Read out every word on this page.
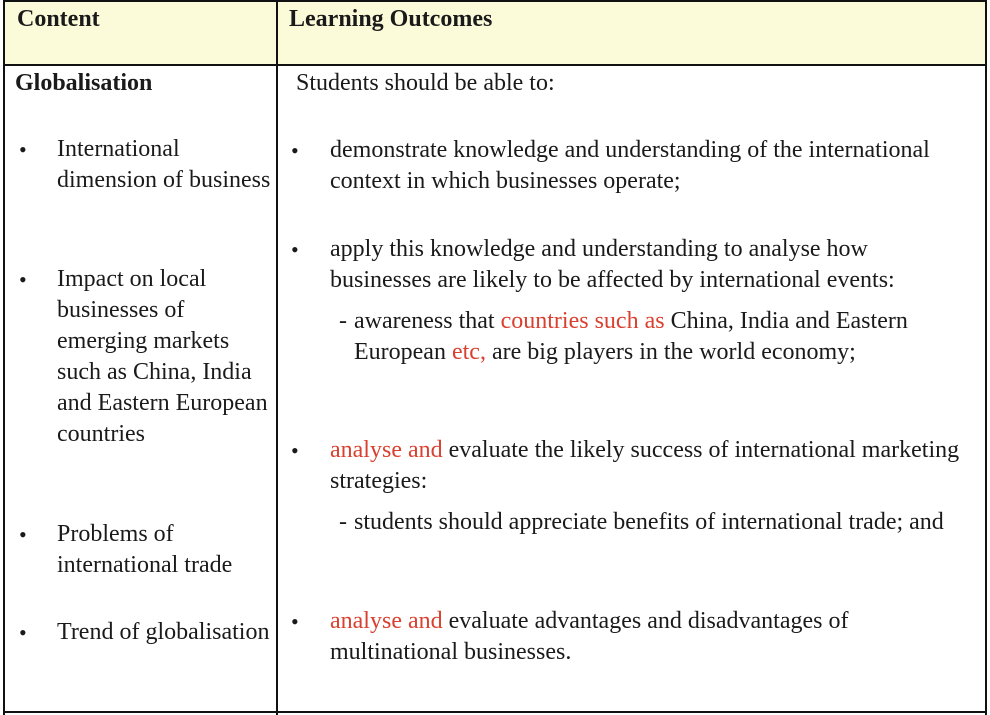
Content	Learning Outcomes
Globalisation
• International dimension of business
• Impact on local businesses of emerging markets such as China, India and Eastern European countries
• Problems of international trade
• Trend of globalisation
Students should be able to:
• demonstrate knowledge and understanding of the international context in which businesses operate;
• apply this knowledge and understanding to analyse how businesses are likely to be affected by international events:
- awareness that countries such as China, India and Eastern European etc, are big players in the world economy;
• analyse and evaluate the likely success of international marketing strategies:
- students should appreciate benefits of international trade; and
• analyse and evaluate advantages and disadvantages of multinational businesses.
